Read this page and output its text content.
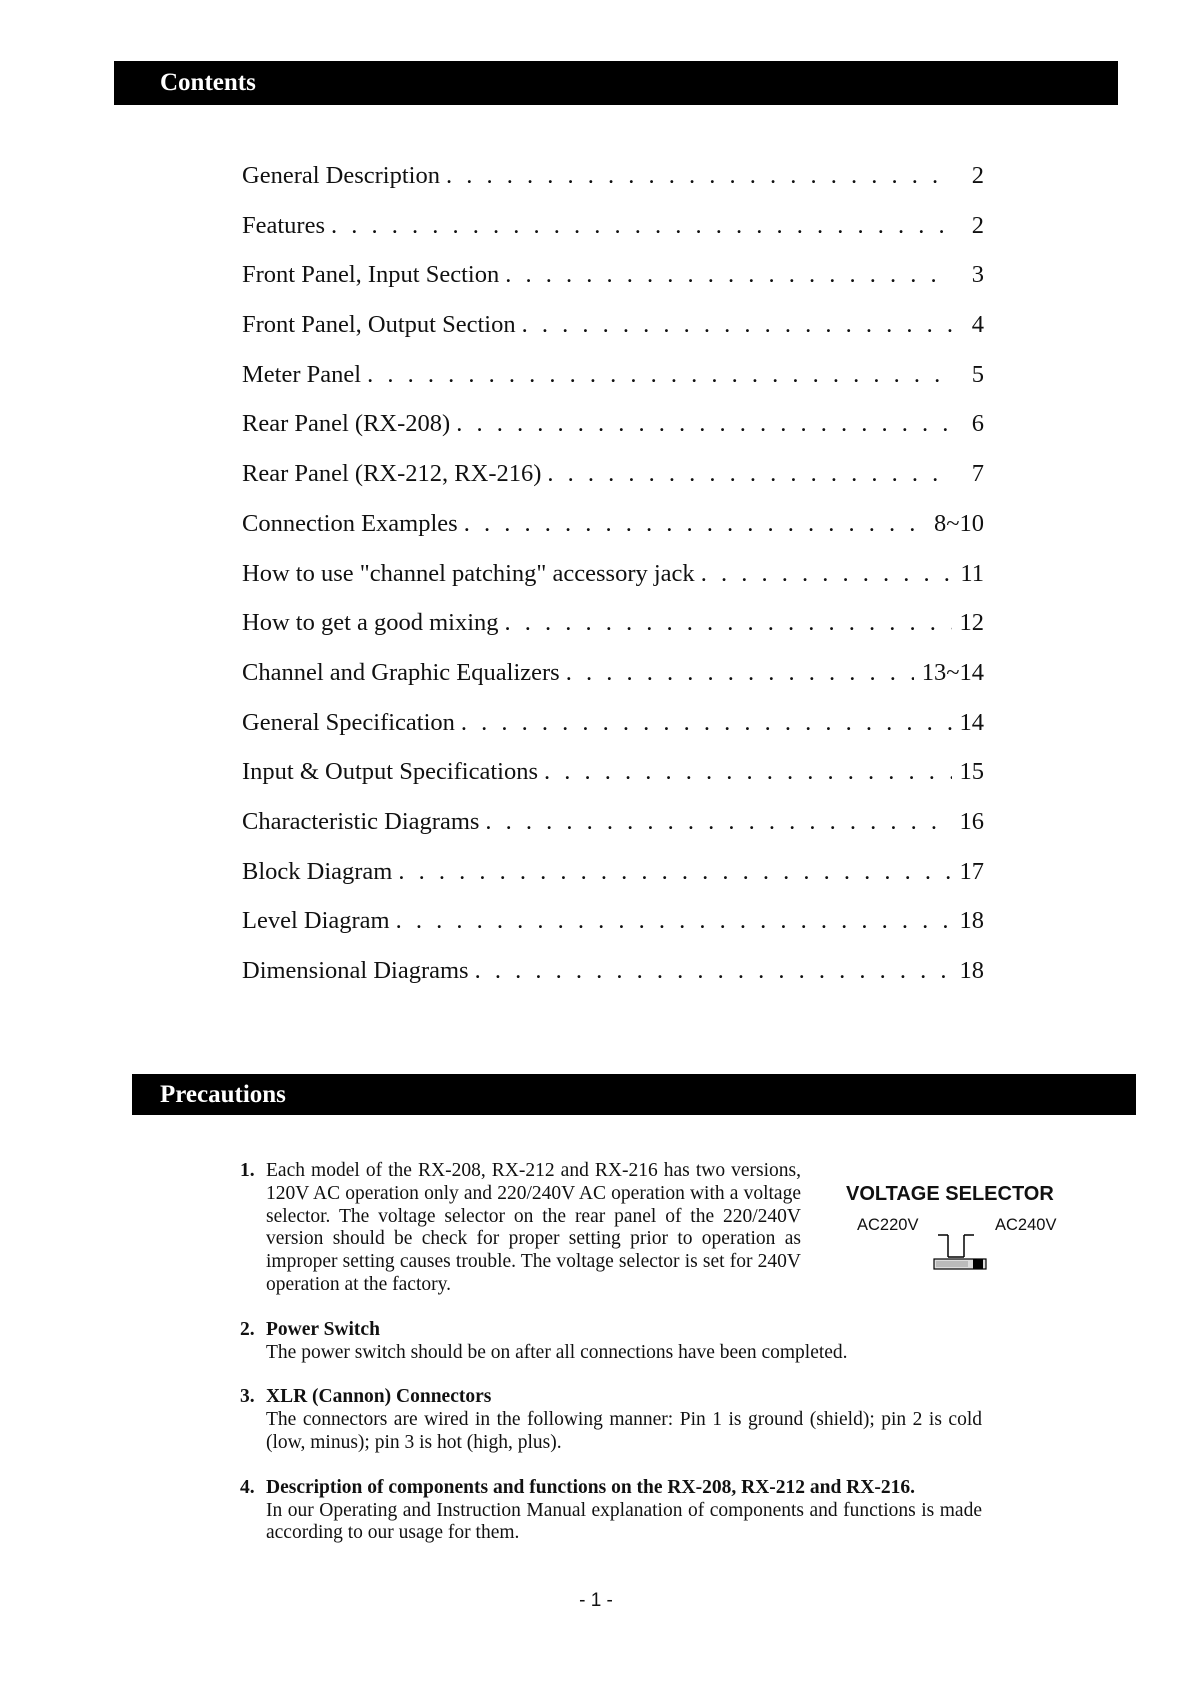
Contents
General Description . . .	2
Features . . .	2
Front Panel, Input Section . . .	3
Front Panel, Output Section . . .	4
Meter Panel . . .	5
Rear Panel (RX-208) . . .	6
Rear Panel (RX-212, RX-216) . . .	7
Connection Examples . . .	8~10
How to use "channel patching" accessory jack . . .	11
How to get a good mixing . . .	12
Channel and Graphic Equalizers . . .	13~14
General Specification . . .	14
Input & Output Specifications . . .	15
Characteristic Diagrams . . .	16
Block Diagram . . .	17
Level Diagram . . .	18
Dimensional Diagrams . . .	18
Precautions
1. Each model of the RX-208, RX-212 and RX-216 has two versions, 120V AC operation only and 220/240V AC operation with a voltage selector. The voltage selector on the rear panel of the 220/240V version should be check for proper setting prior to operation as improper setting causes trouble. The voltage selector is set for 240V operation at the factory.
2. Power Switch
The power switch should be on after all connections have been completed.
3. XLR (Cannon) Connectors
The connectors are wired in the following manner: Pin 1 is ground (shield); pin 2 is cold (low, minus); pin 3 is hot (high, plus).
4. Description of components and functions on the RX-208, RX-212 and RX-216.
In our Operating and Instruction Manual explanation of components and functions is made according to our usage for them.
VOLTAGE SELECTOR
AC220V	AC240V
- 1 -
